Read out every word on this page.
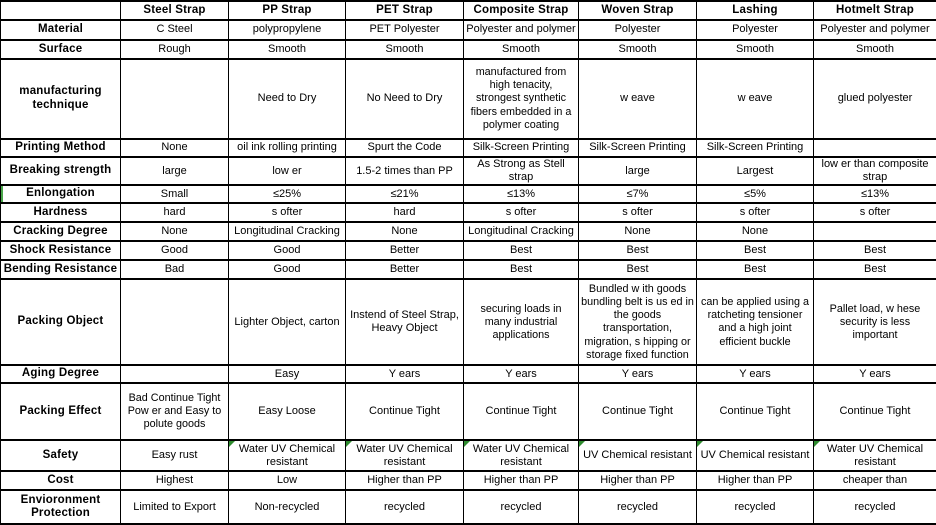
	Steel Strap	PP Strap	PET Strap	Composite Strap	Woven Strap	Lashing	Hotmelt Strap
Material	C Steel	polypropylene	PET Polyester	Polyester and polymer	Polyester	Polyester	Polyester and polymer
Surface	Rough	Smooth	Smooth	Smooth	Smooth	Smooth	Smooth
manufacturing technique		Need to Dry	No Need to Dry	manufactured from high tenacity, strongest synthetic fibers embedded in a polymer coating	w eave	w eave	glued polyester
Printing Method	None	oil ink rolling printing	Spurt the Code	Silk-Screen Printing	Silk-Screen Printing	Silk-Screen Printing	
Breaking strength	large	low er	1.5-2 times than PP	As Strong as Stell strap	large	Largest	low er than composite strap
Enlongation	Small	≤25%	≤21%	≤13%	≤7%	≤5%	≤13%
Hardness	hard	s ofter	hard	s ofter	s ofter	s ofter	s ofter
Cracking Degree	None	Longitudinal Cracking	None	Longitudinal Cracking	None	None	
Shock Resistance	Good	Good	Better	Best	Best	Best	Best
Bending Resistance	Bad	Good	Better	Best	Best	Best	Best
Packing Object		Lighter Object, carton	Instend of Steel Strap, Heavy Object	securing loads in many industrial applications	Bundled w ith goods bundling belt is us ed in the goods transportation, migration, s hipping or storage fixed function	can be applied using a ratcheting tensioner and a high joint efficient buckle	Pallet load, w hese security is less important
Aging Degree		Easy	Y ears	Y ears	Y ears	Y ears	Y ears
Packing Effect	Bad Continue Tight Pow er and Easy to polute goods	Easy Loose	Continue Tight	Continue Tight	Continue Tight	Continue Tight	Continue Tight
Safety	Easy rust	Water UV Chemical resistant	Water UV Chemical resistant	Water UV Chemical resistant	UV Chemical resistant	UV Chemical resistant	Water UV Chemical resistant

Cost	Highest	Low	Higher than PP	Higher than PP	Higher than PP	Higher than PP	cheaper than
Envioronment Protection	Limited to Export	Non-recycled	recycled	recycled	recycled	recycled	recycled
